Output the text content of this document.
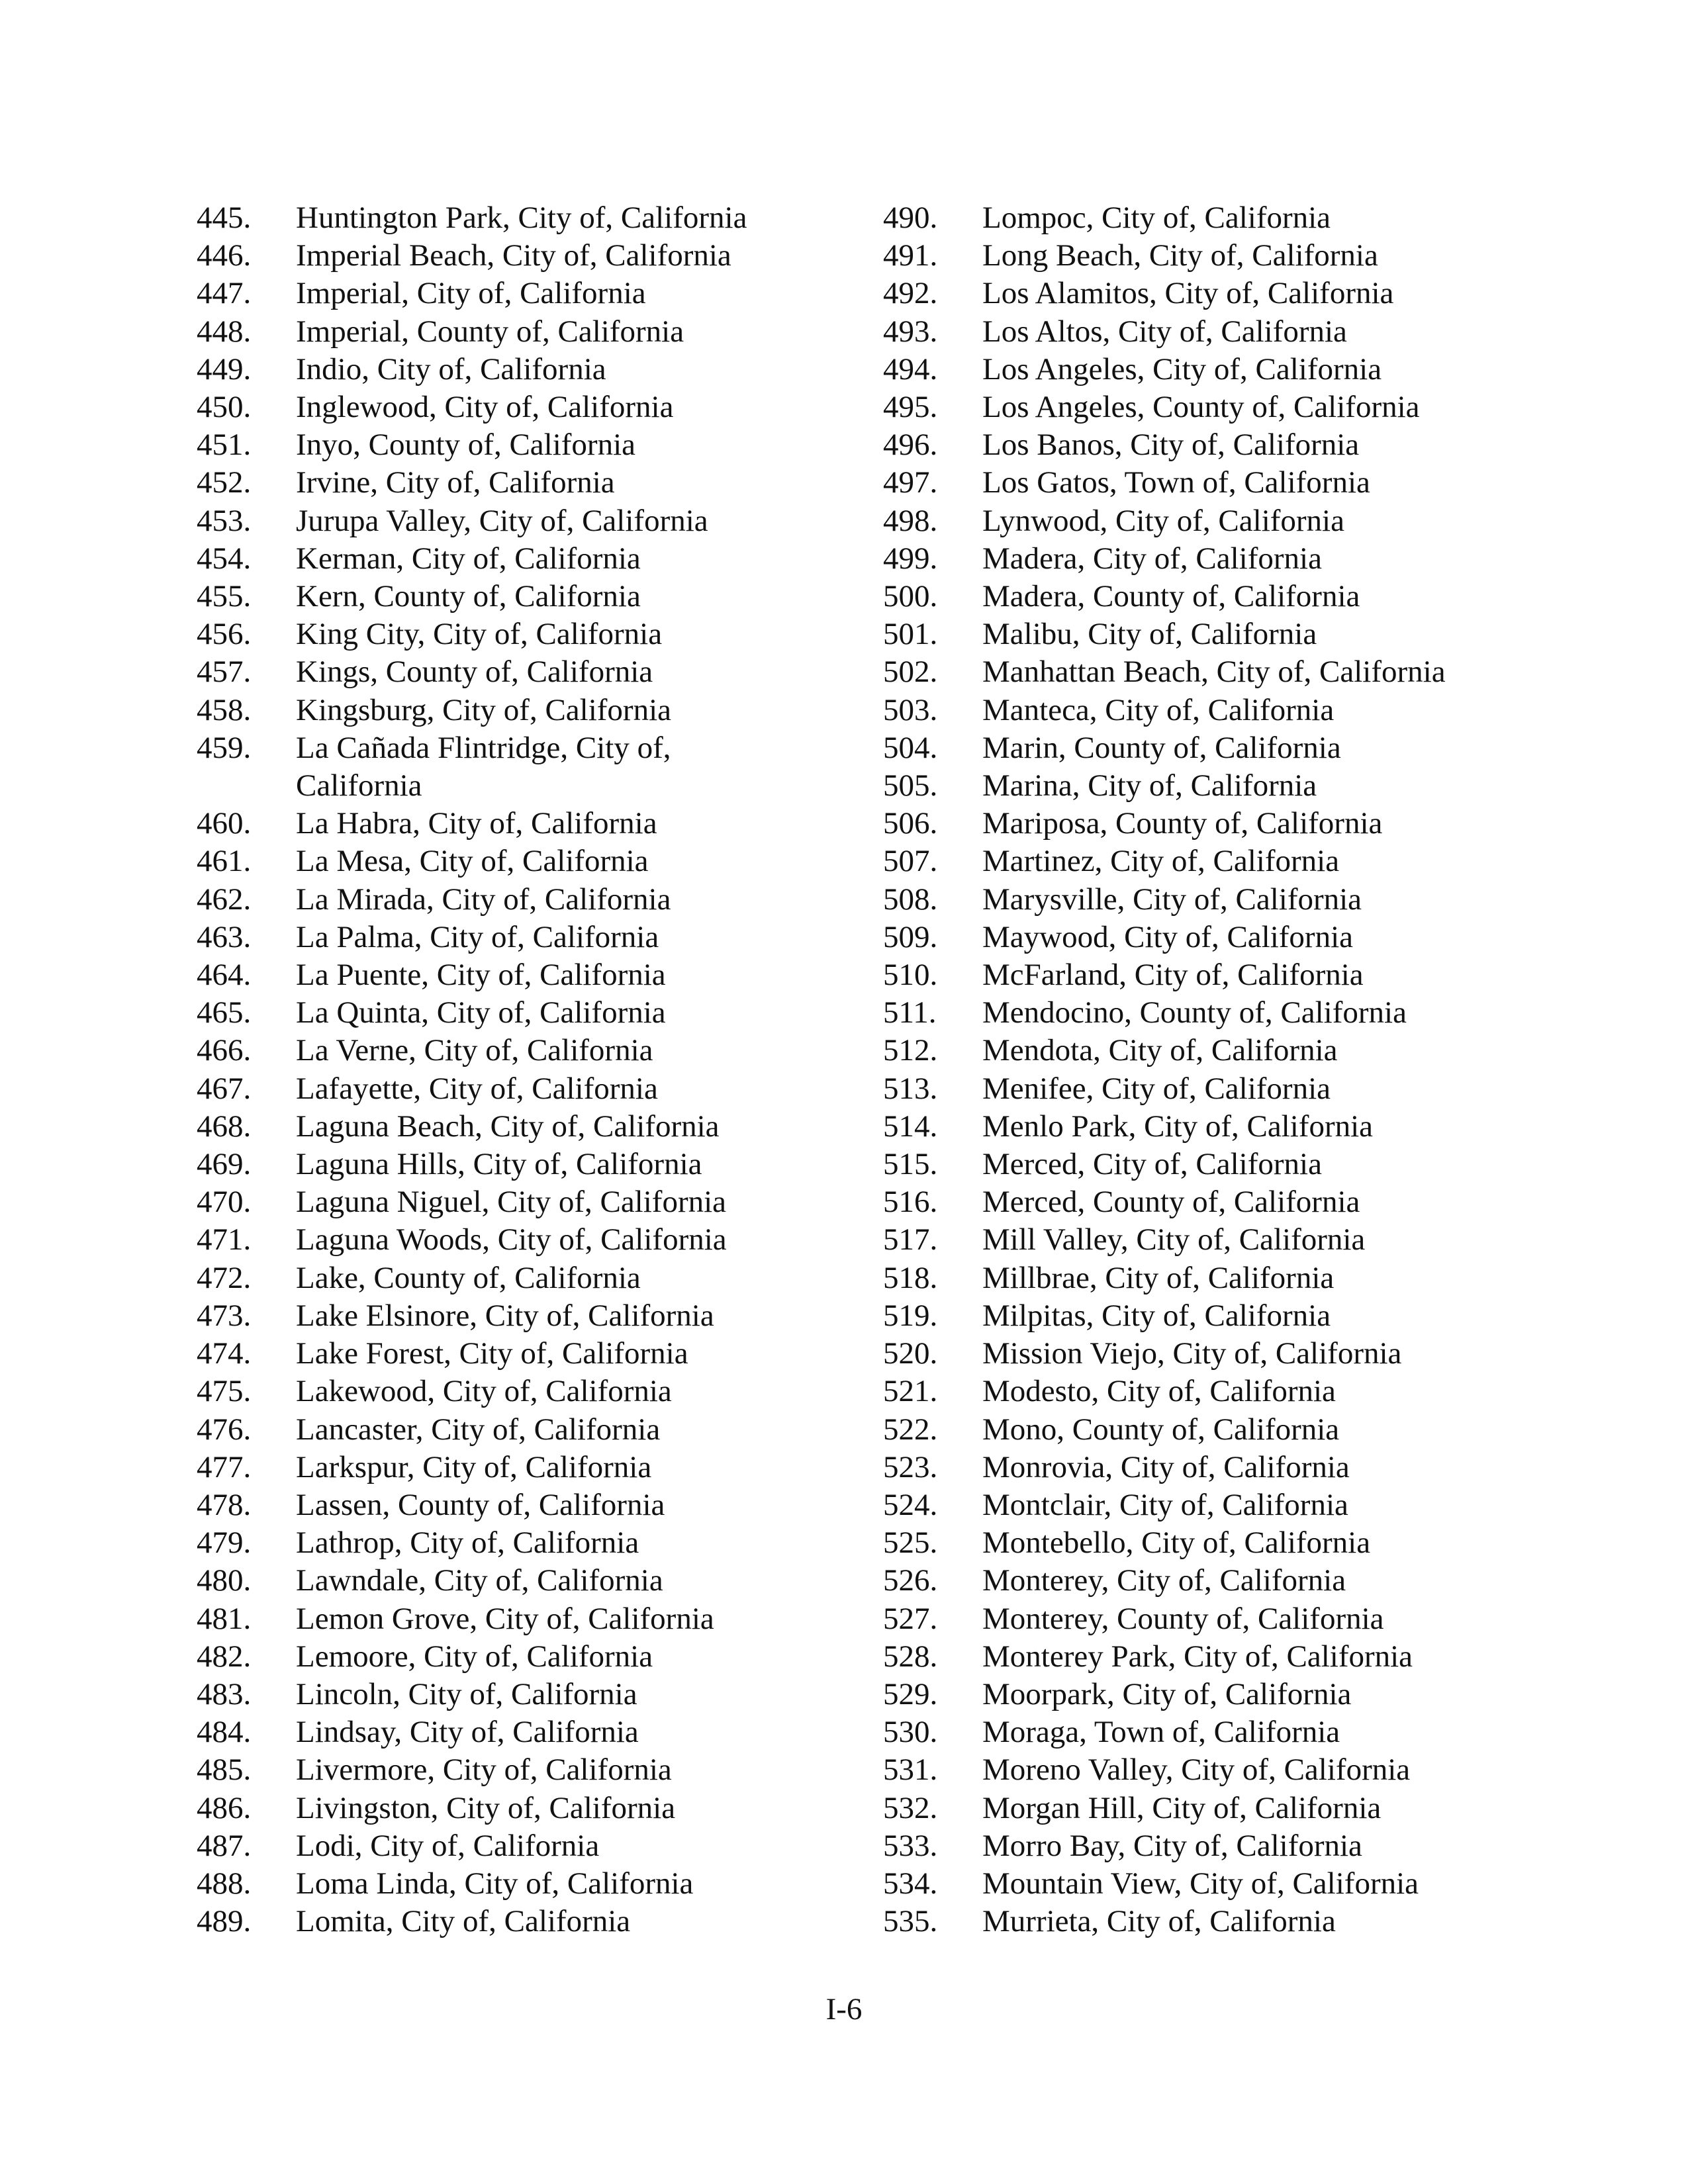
445.	Huntington Park, City of, California
446.	Imperial Beach, City of, California
447.	Imperial, City of, California
448.	Imperial, County of, California
449.	Indio, City of, California
450.	Inglewood, City of, California
451.	Inyo, County of, California
452.	Irvine, City of, California
453.	Jurupa Valley, City of, California
454.	Kerman, City of, California
455.	Kern, County of, California
456.	King City, City of, California
457.	Kings, County of, California
458.	Kingsburg, City of, California
459.	La Cañada Flintridge, City of,
California
460.	La Habra, City of, California
461.	La Mesa, City of, California
462.	La Mirada, City of, California
463.	La Palma, City of, California
464.	La Puente, City of, California
465.	La Quinta, City of, California
466.	La Verne, City of, California
467.	Lafayette, City of, California
468.	Laguna Beach, City of, California
469.	Laguna Hills, City of, California
470.	Laguna Niguel, City of, California
471.	Laguna Woods, City of, California
472.	Lake, County of, California
473.	Lake Elsinore, City of, California
474.	Lake Forest, City of, California
475.	Lakewood, City of, California
476.	Lancaster, City of, California
477.	Larkspur, City of, California
478.	Lassen, County of, California
479.	Lathrop, City of, California
480.	Lawndale, City of, California
481.	Lemon Grove, City of, California
482.	Lemoore, City of, California
483.	Lincoln, City of, California
484.	Lindsay, City of, California
485.	Livermore, City of, California
486.	Livingston, City of, California
487.	Lodi, City of, California
488.	Loma Linda, City of, California
489.	Lomita, City of, California
490.	Lompoc, City of, California
491.	Long Beach, City of, California
492.	Los Alamitos, City of, California
493.	Los Altos, City of, California
494.	Los Angeles, City of, California
495.	Los Angeles, County of, California
496.	Los Banos, City of, California
497.	Los Gatos, Town of, California
498.	Lynwood, City of, California
499.	Madera, City of, California
500.	Madera, County of, California
501.	Malibu, City of, California
502.	Manhattan Beach, City of, California
503.	Manteca, City of, California
504.	Marin, County of, California
505.	Marina, City of, California
506.	Mariposa, County of, California
507.	Martinez, City of, California
508.	Marysville, City of, California
509.	Maywood, City of, California
510.	McFarland, City of, California
511.	Mendocino, County of, California
512.	Mendota, City of, California
513.	Menifee, City of, California
514.	Menlo Park, City of, California
515.	Merced, City of, California
516.	Merced, County of, California
517.	Mill Valley, City of, California
518.	Millbrae, City of, California
519.	Milpitas, City of, California
520.	Mission Viejo, City of, California
521.	Modesto, City of, California
522.	Mono, County of, California
523.	Monrovia, City of, California
524.	Montclair, City of, California
525.	Montebello, City of, California
526.	Monterey, City of, California
527.	Monterey, County of, California
528.	Monterey Park, City of, California
529.	Moorpark, City of, California
530.	Moraga, Town of, California
531.	Moreno Valley, City of, California
532.	Morgan Hill, City of, California
533.	Morro Bay, City of, California
534.	Mountain View, City of, California
535.	Murrieta, City of, California
I-6
